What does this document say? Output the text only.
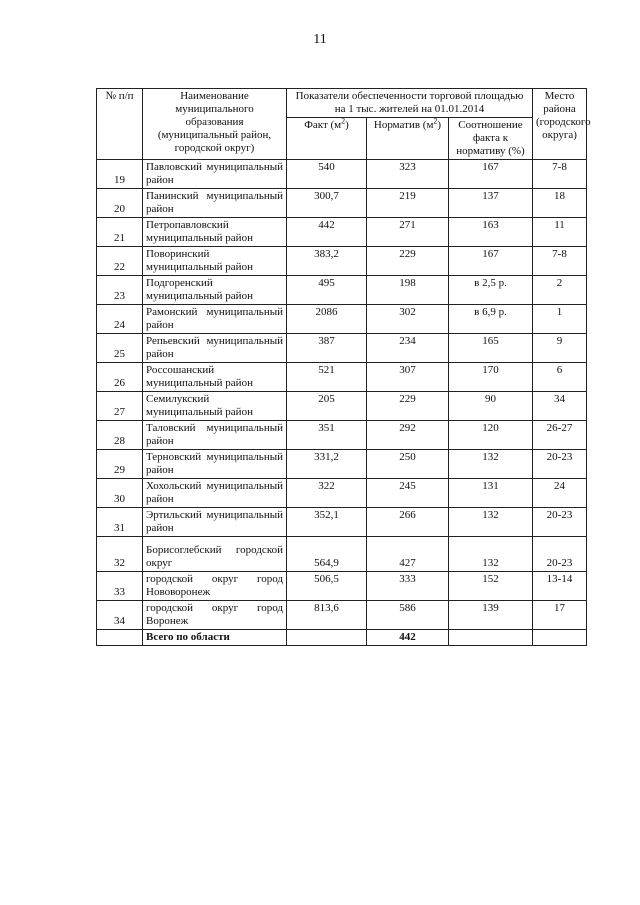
11
№ п/п	Наименование муниципального образования (муниципальный район, городской округ)	Показатели обеспеченности торговой площадью на 1 тыс. жителей на 01.01.2014			Место района (городского округа)
		Факт $(м^2)$	Норматив $(м^2)$	Соотношение факта к нормативу (%)	
19	Павловский муниципальный район	540	323	167	7-8
20	Панинский муниципальный район	300,7	219	137	18
21	Петропавловский муниципальный район	442	271	163	11
22	Поворинский муниципальный район	383,2	229	167	7-8
23	Подгоренский муниципальный район	495	198	в 2,5 р.	2
24	Рамонский муниципальный район	2086	302	в 6,9 р.	1
25	Репьевский муниципальный район	387	234	165	9
26	Россошанский муниципальный район	521	307	170	6
27	Семилукский муниципальный район	205	229	90	34
28	Таловский муниципальный район	351	292	120	26-27
29	Терновский муниципальный район	331,2	250	132	20-23
30	Хохольский муниципальный район	322	245	131	24
31	Эртильский муниципальный район	352,1	266	132	20-23
32	Борисоглебский городской округ	564,9	427	132	20-23
33	городской округ город Нововоронеж	506,5	333	152	13-14
34	городской округ город Воронеж	813,6	586	139	17
	Всего по области		442		
